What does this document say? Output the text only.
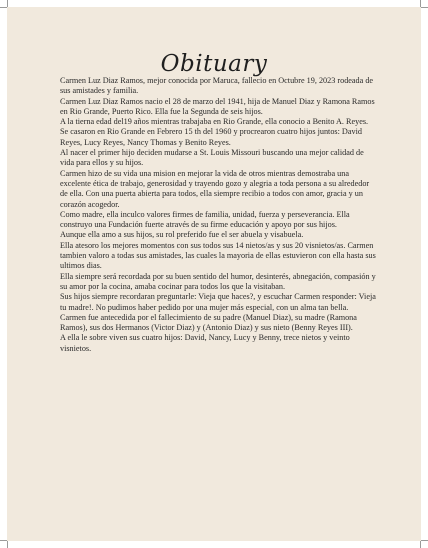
Obituary

Carmen Luz Diaz Ramos, mejor conocida por Maruca, fallecio en Octubre 19, 2023 rodeada de sus amistades y familia.

Carmen Luz Diaz Ramos nacio el 28 de marzo del 1941, hija de Manuel Diaz y Ramona Ramos en Rio Grande, Puerto Rico. Ella fue la Segunda de seis hijos.

A la tierna edad del19 años mientras trabajaba en Rio Grande, ella conocio a Benito A. Reyes.

Se casaron en Rio Grande en Febrero 15 th del 1960 y procrearon cuatro hijos juntos: David Reyes, Lucy Reyes, Nancy Thomas y Benito Reyes.

Al nacer el primer hijo deciden mudarse a St. Louis Missouri buscando una mejor calidad de vida para ellos y su hijos.

Carmen hizo de su vida una mision en mejorar la vida de otros mientras demostraba una excelente ética de trabajo, generosidad y trayendo gozo y alegria a toda persona a su alrededor de ella. Con una puerta abierta para todos, ella siempre recibio a todos con amor, gracia y un corazón acogedor.

Como madre, ella inculco valores firmes de familia, unidad, fuerza y perseverancia. Ella construyo una Fundación fuerte através de su firme educación y apoyo por sus hijos.

Aunque ella amo a sus hijos, su rol preferido fue el ser abuela y visabuela.

Ella atesoro los mejores momentos con sus todos sus 14 nietos/as y sus 20 visnietos/as. Carmen tambien valoro a todas sus amistades, las cuales la mayoria de ellas estuvieron con ella hasta sus ultimos dias.

Ella siempre será recordada por su buen sentido del humor, desinterés, abnegación, compasión y su amor por la cocina, amaba cocinar para todos los que la visitaban.

Sus hijos siempre recordaran preguntarle: Vieja que haces?, y escuchar Carmen responder: Vieja tu madre!. No pudimos haber pedido por una mujer más especial, con un alma tan bella.

Carmen fue antecedida por el fallecimiento de su padre (Manuel Diaz), su madre (Ramona Ramos), sus dos Hermanos (Victor Diaz) y (Antonio Diaz) y sus nieto (Benny Reyes III).

A ella le sobre viven sus cuatro hijos: David, Nancy, Lucy y Benny, trece nietos y veinto visnietos.
